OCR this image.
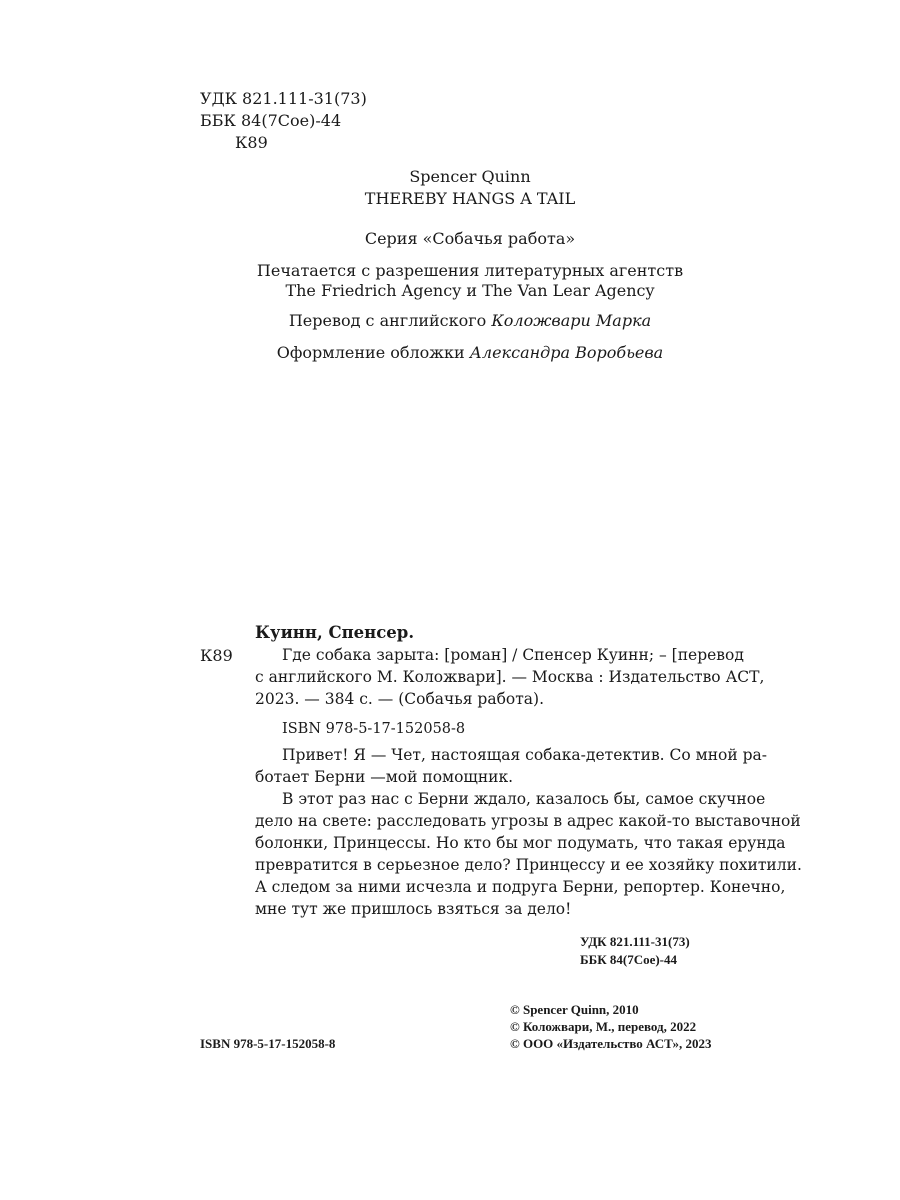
УДК 821.111-31(73)
ББК 84(7Сое)-44
К89
Spencer Quinn
THEREBY HANGS A TAIL
Серия «Собачья работа»
Печатается с разрешения литературных агентств
The Friedrich Agency и The Van Lear Agency
Перевод с английского Коложвари Марка
Оформление обложки Александра Воробьева
Куинн, Спенсер.
К89	Где собака зарыта: [роман] / Спенсер Куинн; – [перевод
с английского М. Коложвари]. — Москва : Издательство АСТ,
2023. — 384 с. — (Собачья работа).
ISBN 978-5-17-152058-8
Привет! Я — Чет, настоящая собака-детектив. Со мной ра-
ботает Берни —мой помощник.
В этот раз нас с Берни ждало, казалось бы, самое скучное
дело на свете: расследовать угрозы в адрес какой-то выставочной
болонки, Принцессы. Но кто бы мог подумать, что такая ерунда
превратится в серьезное дело? Принцессу и ее хозяйку похитили.
А следом за ними исчезла и подруга Берни, репортер. Конечно,
мне тут же пришлось взяться за дело!
УДК 821.111-31(73)
ББК 84(7Сое)-44
© Spencer Quinn, 2010
© Коложвари, М., перевод, 2022
© ООО «Издательство АСТ», 2023
ISBN 978-5-17-152058-8
